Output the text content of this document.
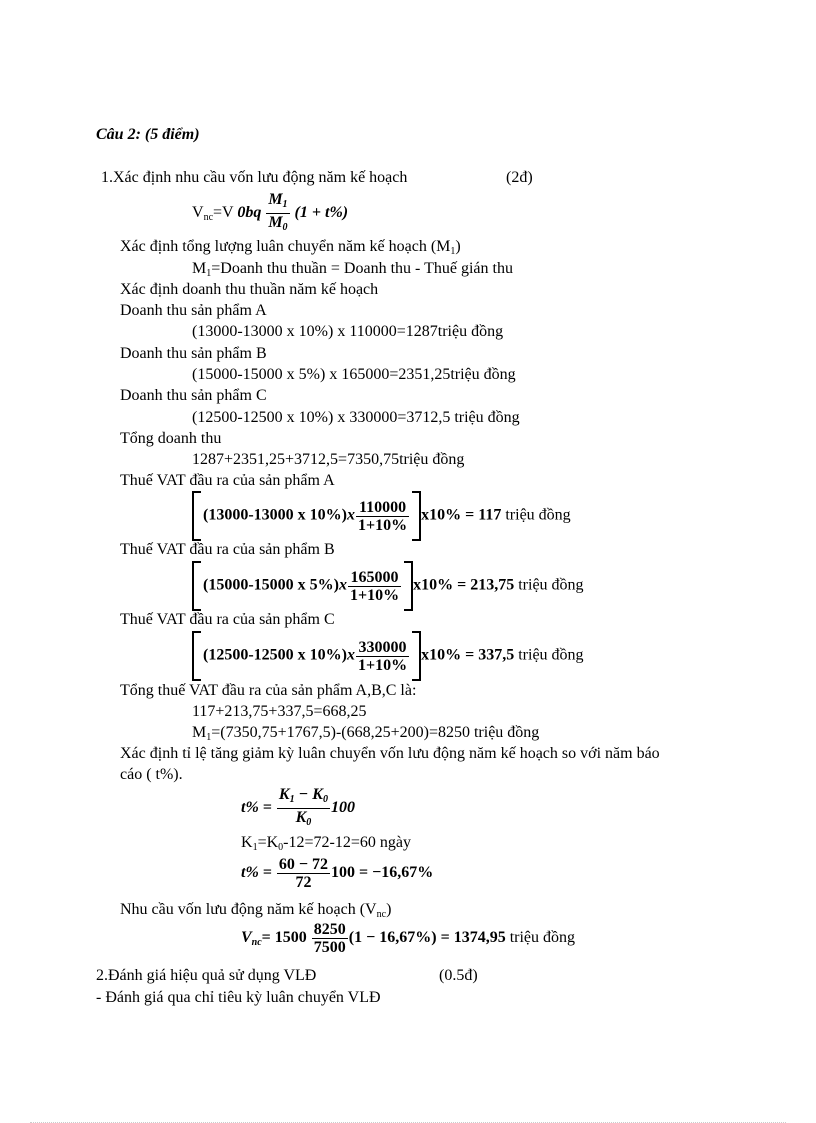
Câu 2: (5 điểm)
1.Xác định nhu cầu vốn lưu động năm kế hoạch	(2đ)
$V_{nc}=V$ $0bq \frac{M_1}{M_0} (1 + t\%)$
Xác định tổng lượng luân chuyển năm kế hoạch $(M_1)$
$M_1=Doanh$ thu thuần = Doanh thu - Thuế gián thu
Xác định doanh thu thuần năm kế hoạch
Doanh thu sản phẩm A
(13000-13000 x 10%) x 110000=1287triệu đồng
Doanh thu sản phẩm B
(15000-15000 x 5%) x 165000=2351,25triệu đồng
Doanh thu sản phẩm C
(12500-12500 x 10%) x 330000=3712,5 triệu đồng
Tổng doanh thu
1287+2351,25+3712,5=7350,75triệu đồng
Thuế VAT đầu ra của sản phẩm A
(13000-13000 x $10\%)x \frac{110000}{1+10\%} x10\% = 117$ triệu đồng
Thuế VAT đầu ra của sản phẩm B
(15000-15000 x $5\%)x \frac{165000}{1+10\%} x10\% = 213,75$ triệu đồng
Thuế VAT đầu ra của sản phẩm C
(12500-12500 x $10\%)x \frac{330000}{1+10\%} x10\% = 337,5$ triệu đồng
Tổng thuế VAT đầu ra của sản phẩm A,B,C là:
117+213,75+337,5=668,25
$M_1=(7350,75+1767,5)-(668,25+200)=8250$ triệu đồng
Xác định tỉ lệ tăng giảm kỳ luân chuyển vốn lưu động năm kế hoạch so với năm báo
cáo ( t%).
$t\% = \frac{K_1 - K_0}{K_0} 100$
$K_1=K_0-12=72-12=60$ ngày
$t\% = \frac{60 - 72}{72} 100 = -16,67\%$
Nhu cầu vốn lưu động năm kế hoạch $(V_{nc})$
$V_{nc}= 1500 \frac{8250}{7500} (1 - 16,67\%) = 1374,95$ triệu đồng
2.Đánh giá hiệu quả sử dụng VLĐ	(0.5đ)
- Đánh giá qua chỉ tiêu kỳ luân chuyển VLĐ
